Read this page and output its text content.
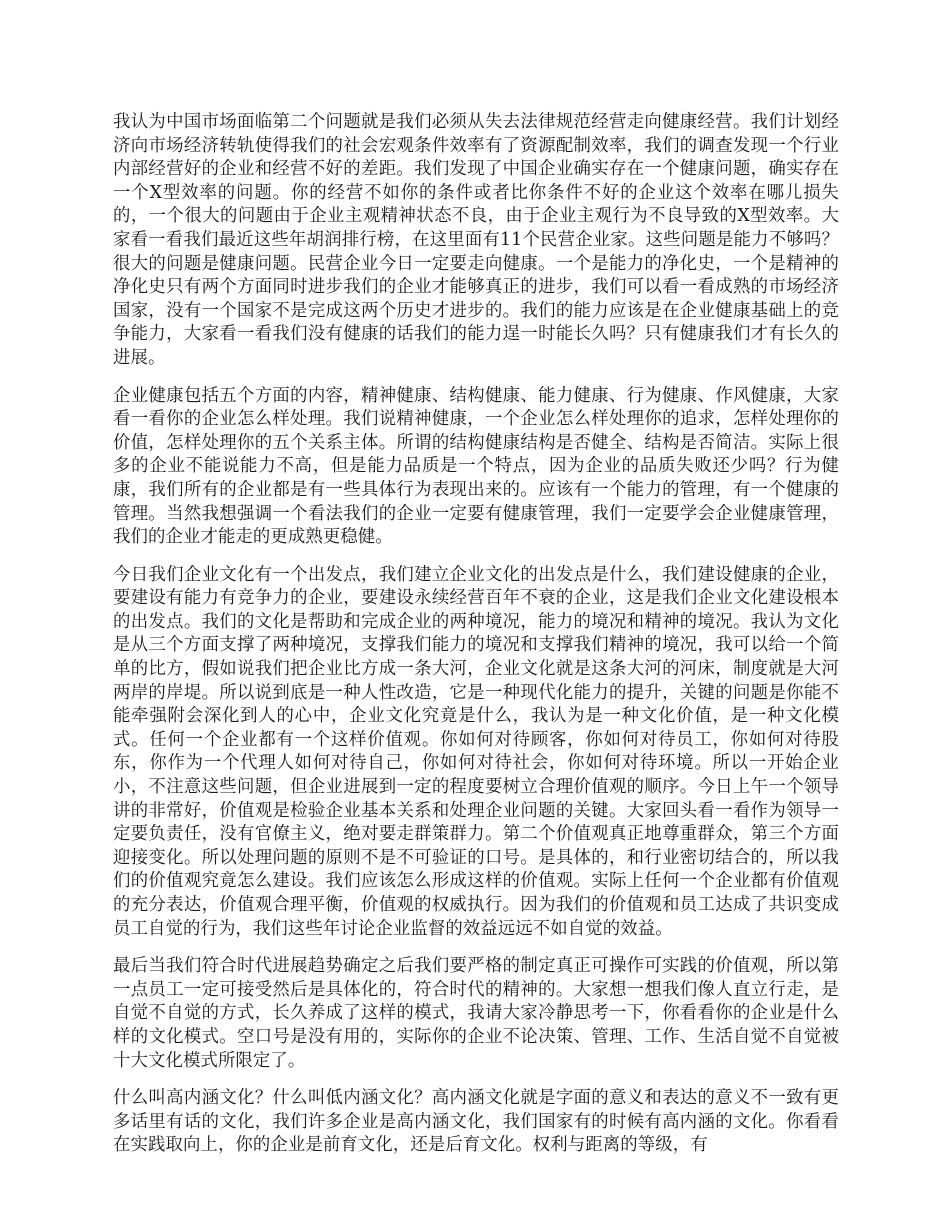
我认为中国市场面临第二个问题就是我们必须从失去法律规范经营走向健康经营。我们计划经济向市场经济转轨使得我们的社会宏观条件效率有了资源配制效率，我们的调查发现一个行业内部经营好的企业和经营不好的差距。我们发现了中国企业确实存在一个健康问题，确实存在一个X型效率的问题。你的经营不如你的条件或者比你条件不好的企业这个效率在哪儿损失的，一个很大的问题由于企业主观精神状态不良，由于企业主观行为不良导致的X型效率。大家看一看我们最近这些年胡润排行榜，在这里面有11个民营企业家。这些问题是能力不够吗？很大的问题是健康问题。民营企业今日一定要走向健康。一个是能力的净化史，一个是精神的净化史只有两个方面同时进步我们的企业才能够真正的进步，我们可以看一看成熟的市场经济国家，没有一个国家不是完成这两个历史才进步的。我们的能力应该是在企业健康基础上的竞争能力，大家看一看我们没有健康的话我们的能力逞一时能长久吗？只有健康我们才有长久的进展。

企业健康包括五个方面的内容，精神健康、结构健康、能力健康、行为健康、作风健康，大家看一看你的企业怎么样处理。我们说精神健康，一个企业怎么样处理你的追求，怎样处理你的价值，怎样处理你的五个关系主体。所谓的结构健康结构是否健全、结构是否简洁。实际上很多的企业不能说能力不高，但是能力品质是一个特点，因为企业的品质失败还少吗？行为健康，我们所有的企业都是有一些具体行为表现出来的。应该有一个能力的管理，有一个健康的管理。当然我想强调一个看法我们的企业一定要有健康管理，我们一定要学会企业健康管理，我们的企业才能走的更成熟更稳健。

今日我们企业文化有一个出发点，我们建立企业文化的出发点是什么，我们建设健康的企业，要建设有能力有竞争力的企业，要建设永续经营百年不衰的企业，这是我们企业文化建设根本的出发点。我们的文化是帮助和完成企业的两种境况，能力的境况和精神的境况。我认为文化是从三个方面支撑了两种境况，支撑我们能力的境况和支撑我们精神的境况，我可以给一个简单的比方，假如说我们把企业比方成一条大河，企业文化就是这条大河的河床，制度就是大河两岸的岸堤。所以说到底是一种人性改造，它是一种现代化能力的提升，关键的问题是你能不能牵强附会深化到人的心中，企业文化究竟是什么，我认为是一种文化价值，是一种文化模式。任何一个企业都有一个这样价值观。你如何对待顾客，你如何对待员工，你如何对待股东，你作为一个代理人如何对待自己，你如何对待社会，你如何对待环境。所以一开始企业小，不注意这些问题，但企业进展到一定的程度要树立合理价值观的顺序。今日上午一个领导讲的非常好，价值观是检验企业基本关系和处理企业问题的关键。大家回头看一看作为领导一定要负责任，没有官僚主义，绝对要走群策群力。第二个价值观真正地尊重群众，第三个方面迎接变化。所以处理问题的原则不是不可验证的口号。是具体的，和行业密切结合的，所以我们的价值观究竟怎么建设。我们应该怎么形成这样的价值观。实际上任何一个企业都有价值观的充分表达，价值观合理平衡，价值观的权威执行。因为我们的价值观和员工达成了共识变成员工自觉的行为，我们这些年讨论企业监督的效益远远不如自觉的效益。

最后当我们符合时代进展趋势确定之后我们要严格的制定真正可操作可实践的价值观，所以第一点员工一定可接受然后是具体化的，符合时代的精神的。大家想一想我们像人直立行走，是自觉不自觉的方式，长久养成了这样的模式，我请大家冷静思考一下，你看看你的企业是什么样的文化模式。空口号是没有用的，实际你的企业不论决策、管理、工作、生活自觉不自觉被十大文化模式所限定了。

什么叫高内涵文化？什么叫低内涵文化？高内涵文化就是字面的意义和表达的意义不一致有更多话里有话的文化，我们许多企业是高内涵文化，我们国家有的时候有高内涵的文化。你看看在实践取向上，你的企业是前育文化，还是后育文化。权利与距离的等级，有
